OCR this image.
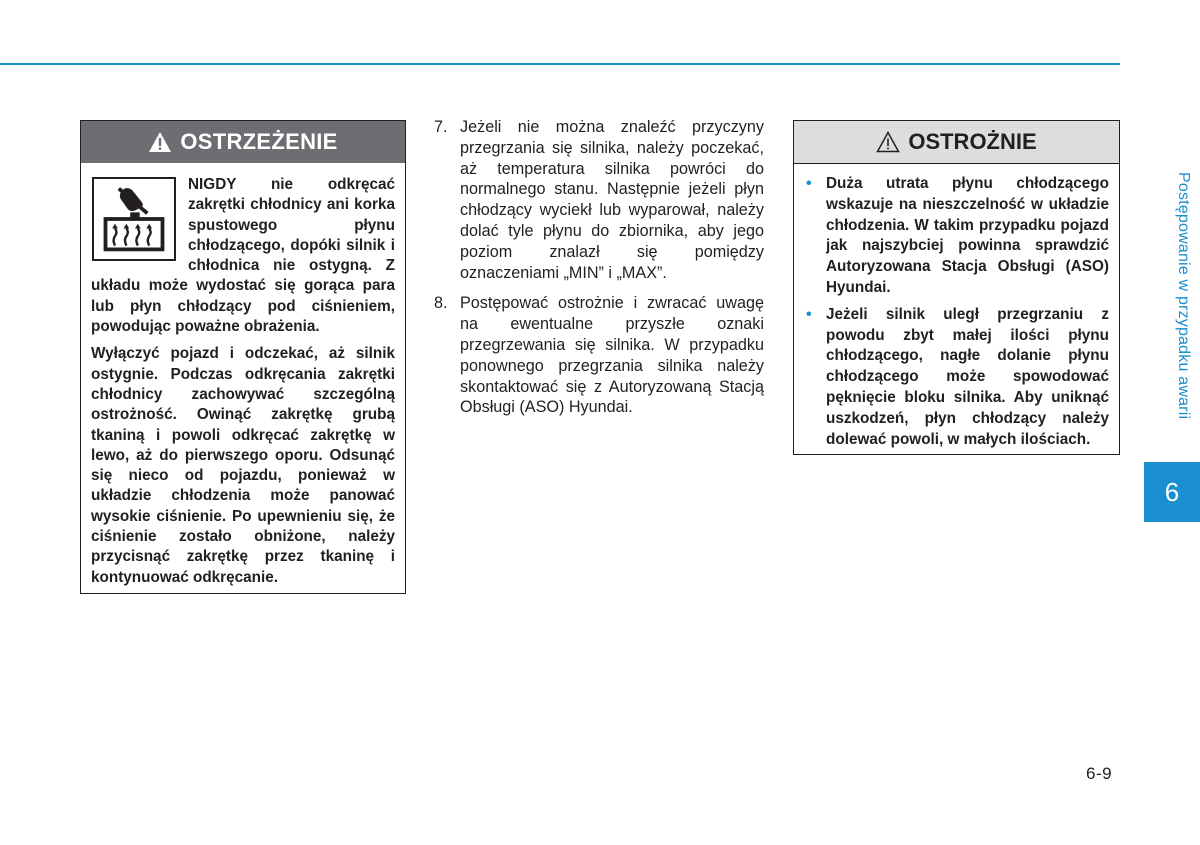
OSTRZEŻENIE

NIGDY nie odkręcać zakrętki chłodnicy ani korka spustowego płynu chłodzącego, dopóki silnik i chłodnica nie ostygną. Z układu może wydostać się gorąca para lub płyn chłodzący pod ciśnieniem, powodując poważne obrażenia.

Wyłączyć pojazd i odczekać, aż silnik ostygnie. Podczas odkręcania zakrętki chłodnicy zachowywać szczególną ostrożność. Owinąć zakrętkę grubą tkaniną i powoli odkręcać zakrętkę w lewo, aż do pierwszego oporu. Odsunąć się nieco od pojazdu, ponieważ w układzie chłodzenia może panować wysokie ciśnienie. Po upewnieniu się, że ciśnienie zostało obniżone, należy przycisnąć zakrętkę przez tkaninę i kontynuować odkręcanie.

7. Jeżeli nie można znaleźć przyczyny przegrzania się silnika, należy poczekać, aż temperatura silnika powróci do normalnego stanu. Następnie jeżeli płyn chłodzący wyciekł lub wyparował, należy dolać tyle płynu do zbiornika, aby jego poziom znalazł się pomiędzy oznaczeniami „MIN” i „MAX”.
8. Postępować ostrożnie i zwracać uwagę na ewentualne przyszłe oznaki przegrzewania się silnika. W przypadku ponownego przegrzania silnika należy skontaktować się z Autoryzowaną Stacją Obsługi (ASO) Hyundai.
OSTROŻNIE
• Duża utrata płynu chłodzącego wskazuje na nieszczelność w układzie chłodzenia. W takim przypadku pojazd jak najszybciej powinna sprawdzić Autoryzowana Stacja Obsługi (ASO) Hyundai.
• Jeżeli silnik uległ przegrzaniu z powodu zbyt małej ilości płynu chłodzącego, nagłe dolanie płynu chłodzącego może spowodować pęknięcie bloku silnika. Aby uniknąć uszkodzeń, płyn chłodzący należy dolewać powoli, w małych ilościach.
Postępowanie w przypadku awarii
6
6-9
